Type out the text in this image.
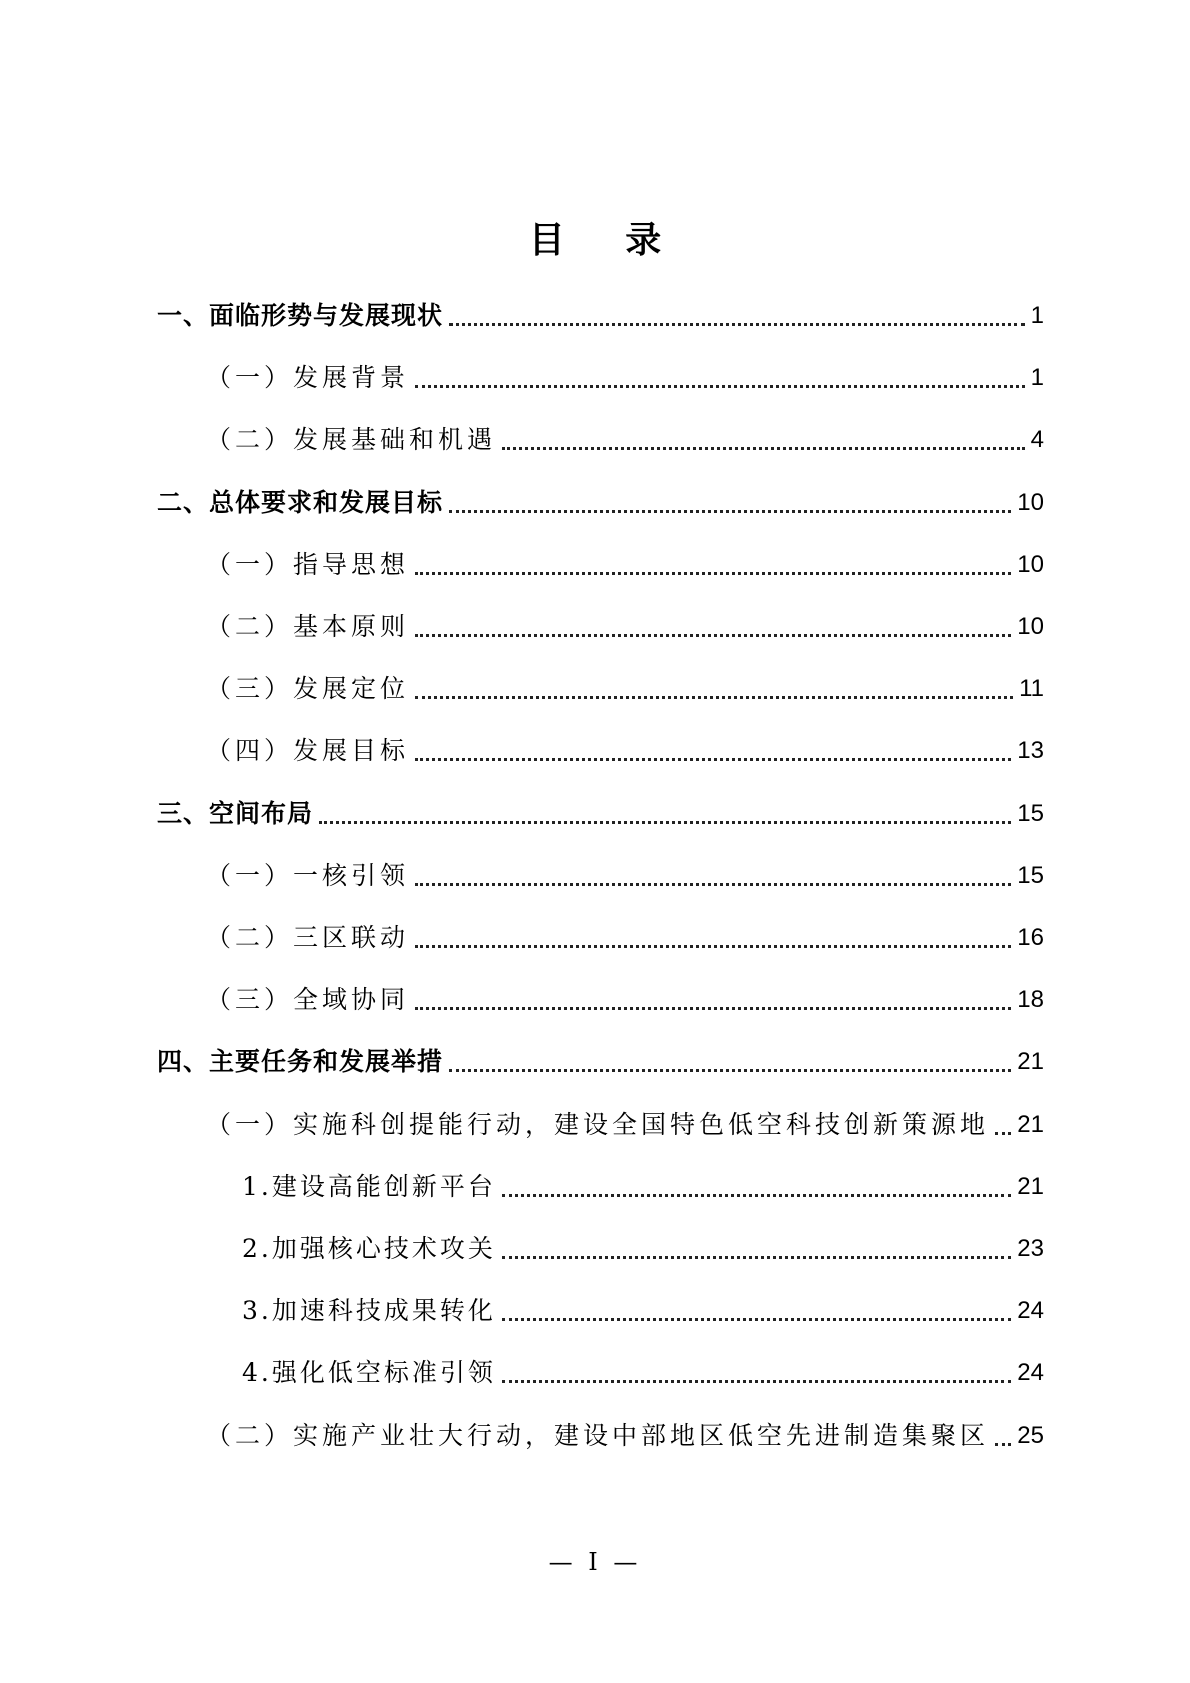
目 录
一、面临形势与发展现状	1
（一）发展背景	1
（二）发展基础和机遇	4
二、总体要求和发展目标	10
（一）指导思想	10
（二）基本原则	10
（三）发展定位	11
（四）发展目标	13
三、空间布局	15
（一）一核引领	15
（二）三区联动	16
（三）全域协同	18
四、主要任务和发展举措	21
（一）实施科创提能行动，建设全国特色低空科技创新策源地 21
1.建设高能创新平台	21
2.加强核心技术攻关	23
3.加速科技成果转化	24
4.强化低空标准引领	24
（二）实施产业壮大行动，建设中部地区低空先进制造集聚区 25
— I —
